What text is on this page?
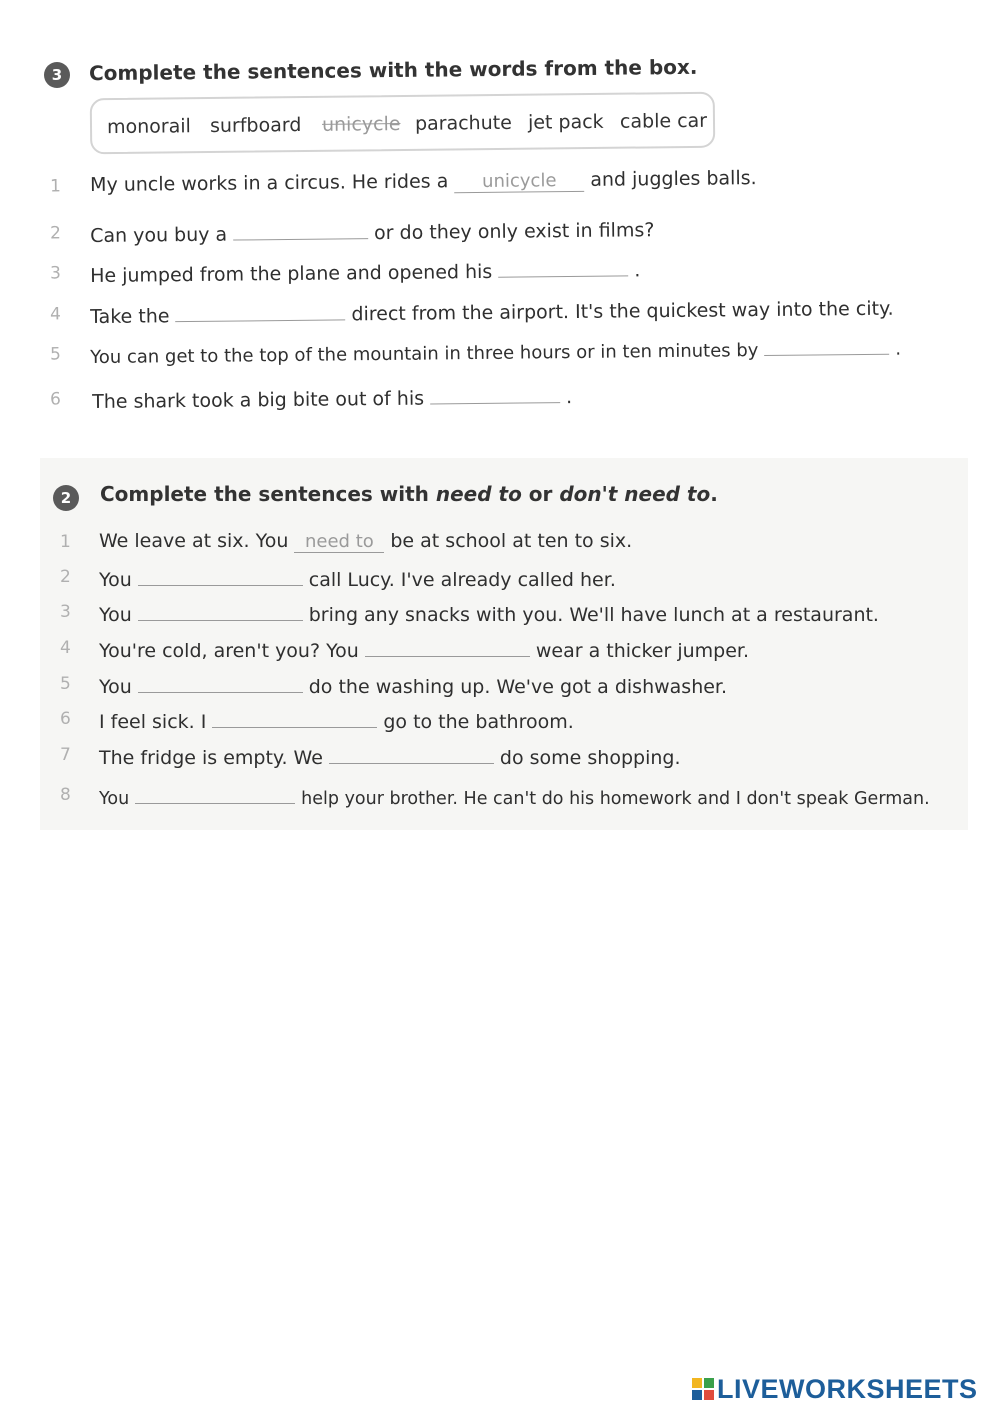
3	Complete the sentences with the words from the box.
monorail surfboard unicycle parachute jet pack cable car
1	My uncle works in a circus. He rides a unicycle and juggles balls.
2	Can you buy a	or do they only exist in films?
3	He jumped from the plane and opened his	.
4	Take the	direct from the airport. It's the quickest way into the city.
5	You can get to the top of the mountain in three hours or in ten minutes by	.
6	The shark took a big bite out of his	.
2	Complete the sentences with need to or don't need to.
1	We leave at six. You need to be at school at ten to six.
2	You	call Lucy. I've already called her.
3	You	bring any snacks with you. We'll have lunch at a restaurant.
4	You're cold, aren't you? You	wear a thicker jumper.
5	You	do the washing up. We've got a dishwasher.
6	I feel sick. I	go to the bathroom.
7	The fridge is empty. We	do some shopping.
8	You	help your brother. He can't do his homework and I don't speak German.
LIVEWORKSHEETS
